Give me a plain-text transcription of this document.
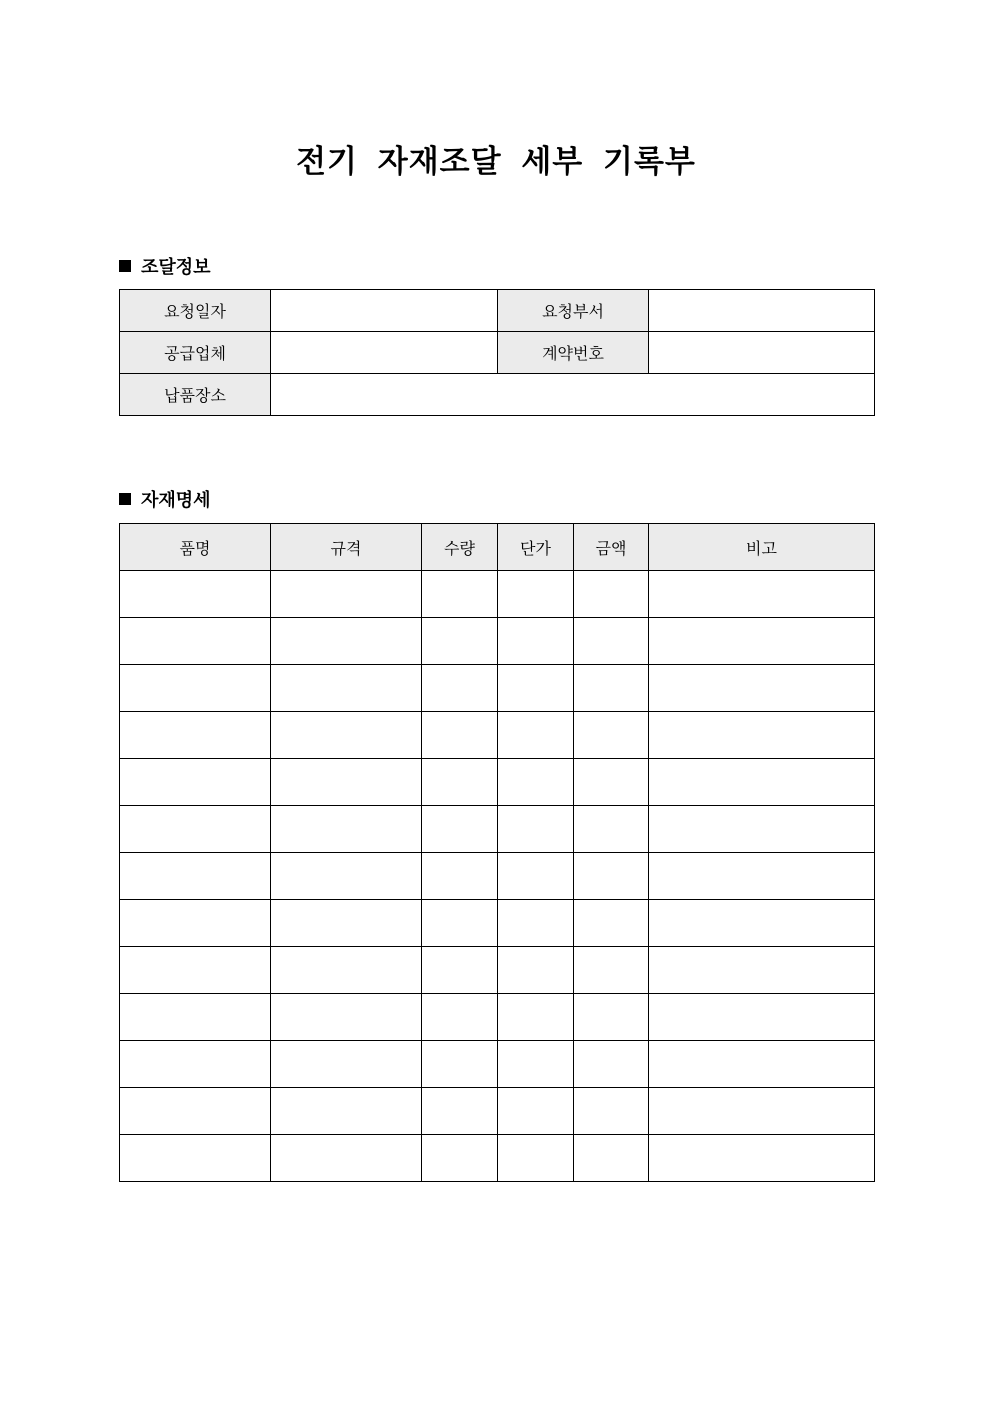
전기 자재조달 세부 기록부
조달정보
요청일자		요청부서	
공급업체		계약번호	
납품장소			
자재명세
품명	규격	수량	단가	금액	비고
